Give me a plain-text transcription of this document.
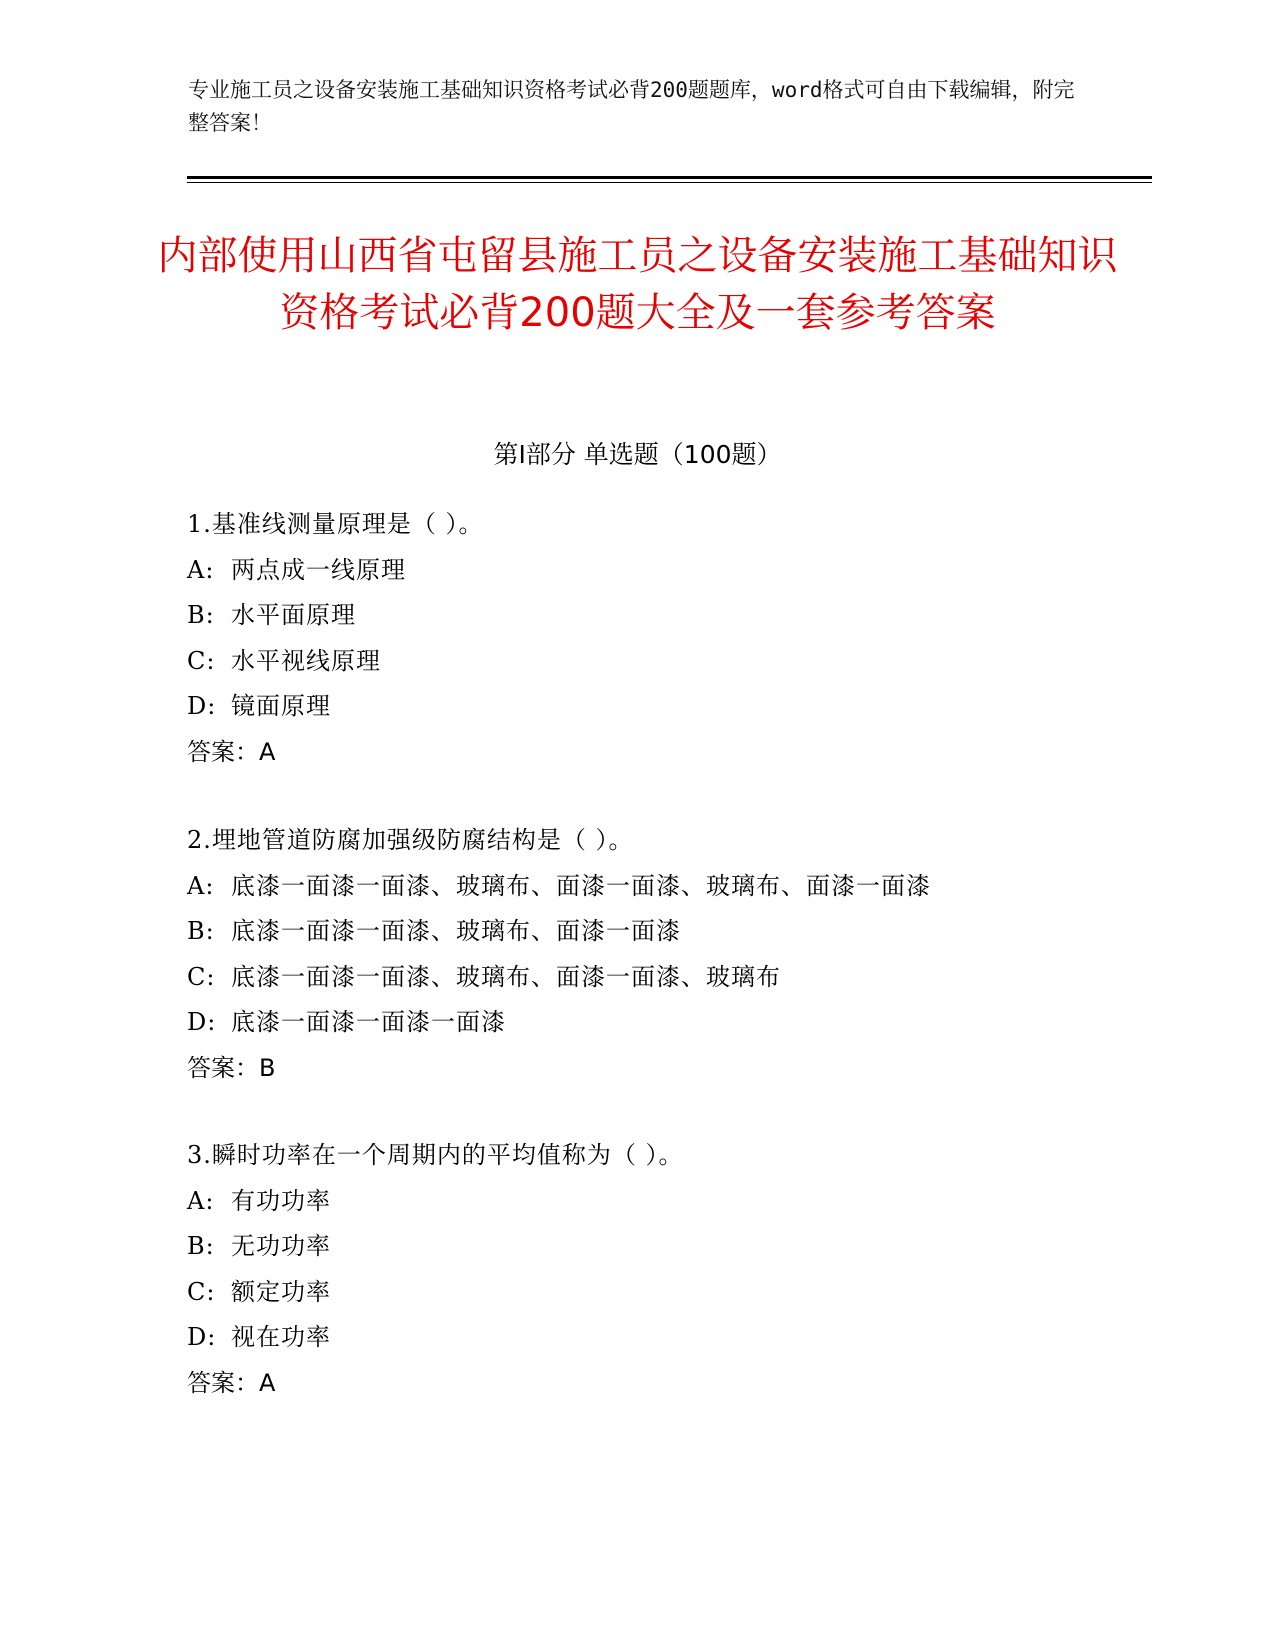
专业施工员之设备安装施工基础知识资格考试必背200题题库，word格式可自由下载编辑，附完整答案！
内部使用山西省屯留县施工员之设备安装施工基础知识资格考试必背200题大全及一套参考答案
第Ⅰ部分 单选题（100题）
1.基准线测量原理是（ ）。
A: 两点成一线原理
B: 水平面原理
C: 水平视线原理
D: 镜面原理
答案：A
2.埋地管道防腐加强级防腐结构是（ ）。
A: 底漆一面漆一面漆、玻璃布、面漆一面漆、玻璃布、面漆一面漆
B: 底漆一面漆一面漆、玻璃布、面漆一面漆
C: 底漆一面漆一面漆、玻璃布、面漆一面漆、玻璃布
D: 底漆一面漆一面漆一面漆
答案：B
3.瞬时功率在一个周期内的平均值称为（ ）。
A: 有功功率
B: 无功功率
C: 额定功率
D: 视在功率
答案：A
